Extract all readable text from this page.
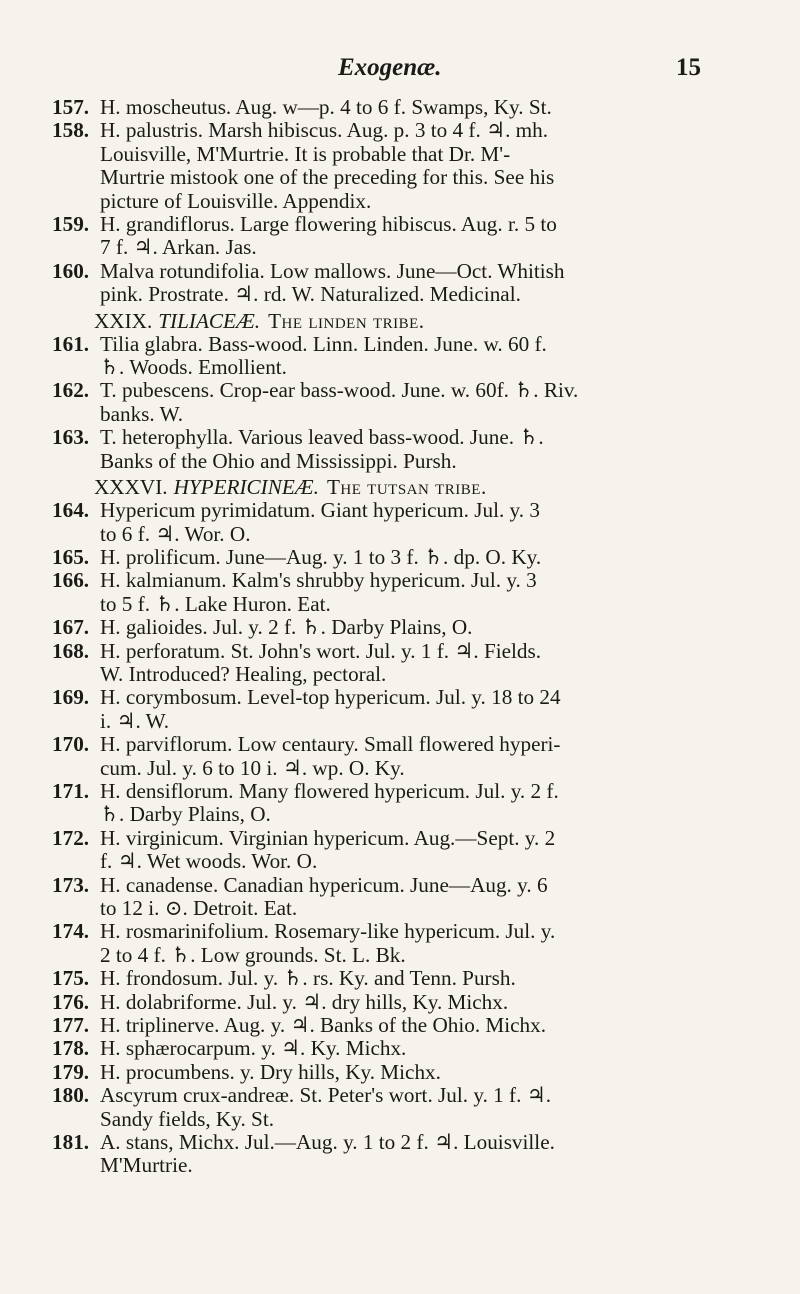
Exogenæ.	15
157. H. moscheutus. Aug. w—p. 4 to 6 f. Swamps, Ky. St.
158. H. palustris. Marsh hibiscus. Aug. p. 3 to 4 f. ♃. mh.
Louisville, M'Murtrie. It is probable that Dr. M'-
Murtrie mistook one of the preceding for this. See his
picture of Louisville. Appendix.
159. H. grandiflorus. Large flowering hibiscus. Aug. r. 5 to
7 f. ♃. Arkan. Jas.
160. Malva rotundifolia. Low mallows. June—Oct. Whitish
pink. Prostrate. ♃. rd. W. Naturalized. Medicinal.
XXIX. TILIACEÆ. The linden tribe.
161. Tilia glabra. Bass-wood. Linn. Linden. June. w. 60 f.
♄. Woods. Emollient.
162. T. pubescens. Crop-ear bass-wood. June. w. 60f. ♄. Riv.
banks. W.
163. T. heterophylla. Various leaved bass-wood. June. ♄.
Banks of the Ohio and Mississippi. Pursh.
XXXVI. HYPERICINEÆ. The tutsan tribe.
164. Hypericum pyrimidatum. Giant hypericum. Jul. y. 3
to 6 f. ♃. Wor. O.
165. H. prolificum. June—Aug. y. 1 to 3 f. ♄. dp. O. Ky.
166. H. kalmianum. Kalm's shrubby hypericum. Jul. y. 3
to 5 f. ♄. Lake Huron. Eat.
167. H. galioides. Jul. y. 2 f. ♄. Darby Plains, O.
168. H. perforatum. St. John's wort. Jul. y. 1 f. ♃. Fields.
W. Introduced? Healing, pectoral.
169. H. corymbosum. Level-top hypericum. Jul. y. 18 to 24
i. ♃. W.
170. H. parviflorum. Low centaury. Small flowered hyperi-
cum. Jul. y. 6 to 10 i. ♃. wp. O. Ky.
171. H. densiflorum. Many flowered hypericum. Jul. y. 2 f.
♄. Darby Plains, O.
172. H. virginicum. Virginian hypericum. Aug.—Sept. y. 2
f. ♃. Wet woods. Wor. O.
173. H. canadense. Canadian hypericum. June—Aug. y. 6
to 12 i. ⊙. Detroit. Eat.
174. H. rosmarinifolium. Rosemary-like hypericum. Jul. y.
2 to 4 f. ♄. Low grounds. St. L. Bk.
175. H. frondosum. Jul. y. ♄. rs. Ky. and Tenn. Pursh.
176. H. dolabriforme. Jul. y. ♃. dry hills, Ky. Michx.
177. H. triplinerve. Aug. y. ♃. Banks of the Ohio. Michx.
178. H. sphærocarpum. y. ♃. Ky. Michx.
179. H. procumbens. y. Dry hills, Ky. Michx.
180. Ascyrum crux-andreæ. St. Peter's wort. Jul. y. 1 f. ♃.
Sandy fields, Ky. St.
181. A. stans, Michx. Jul.—Aug. y. 1 to 2 f. ♃. Louisville.
M'Murtrie.
